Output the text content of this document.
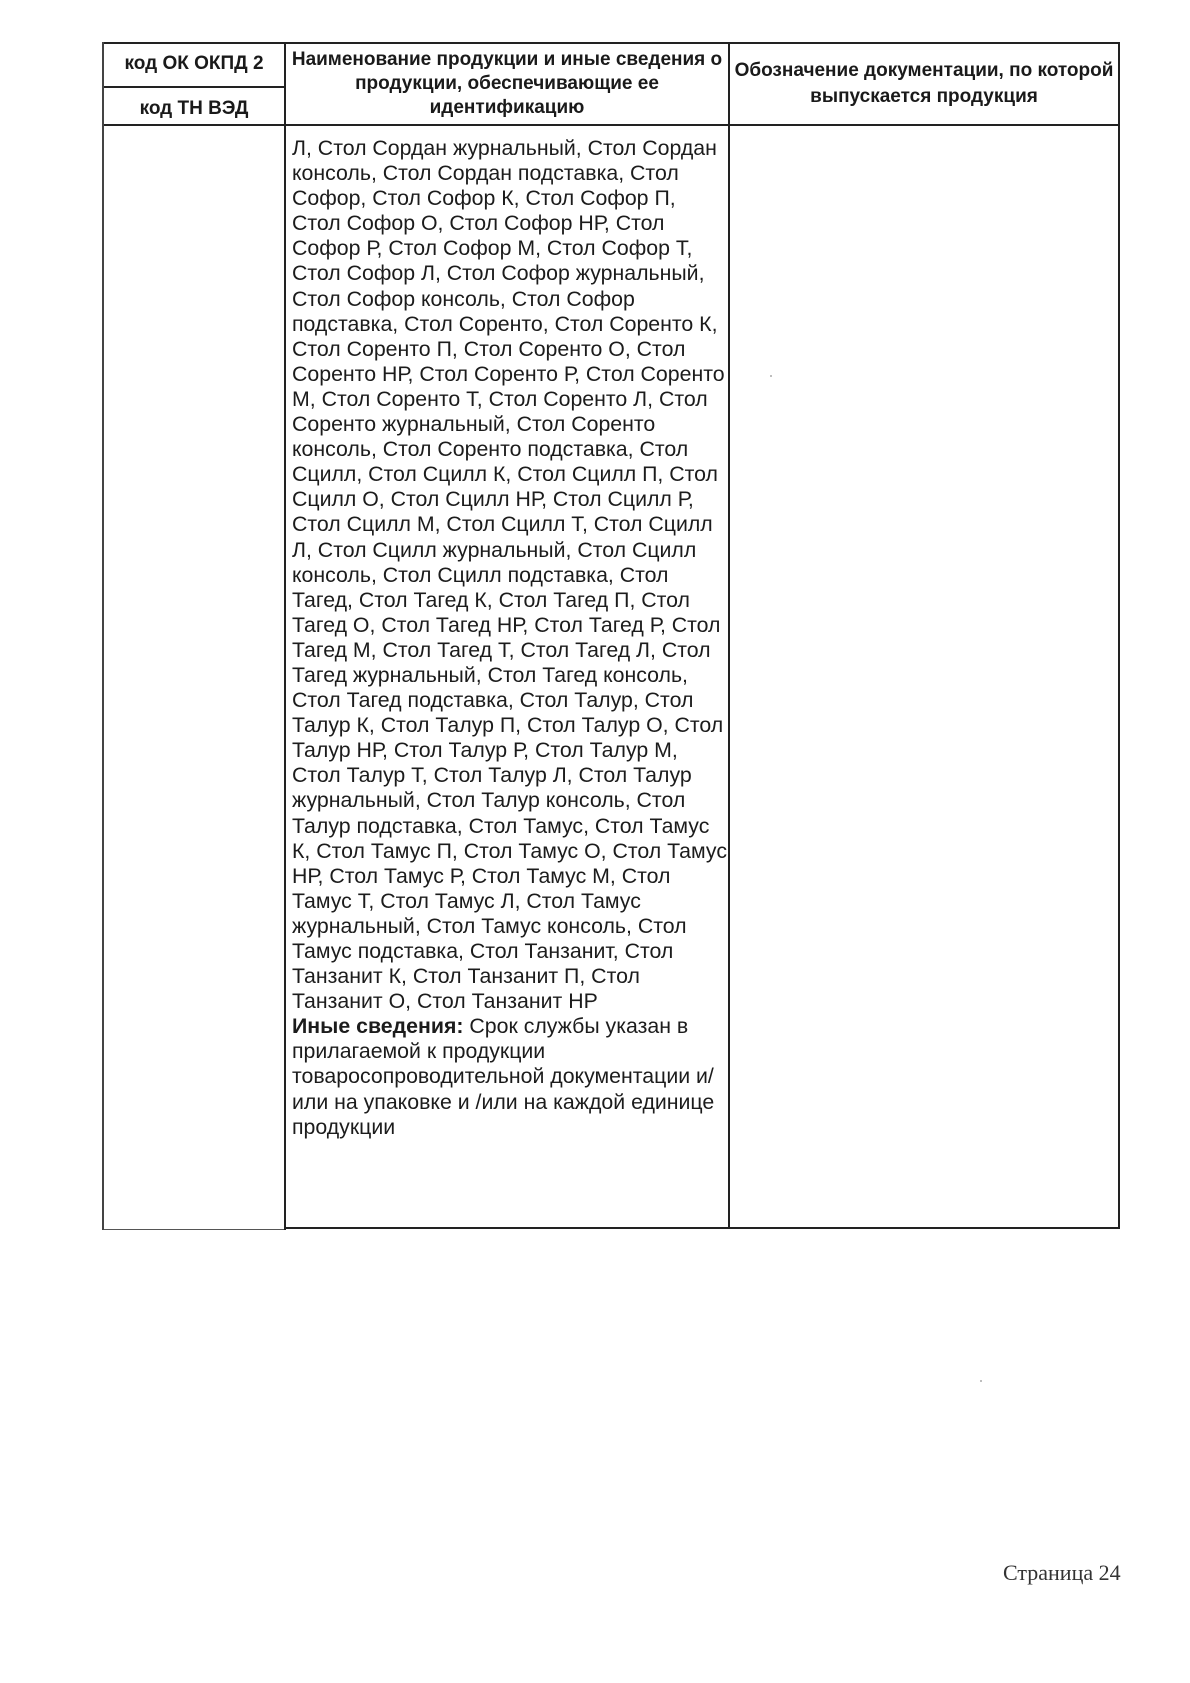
код ОК ОКПД 2
код ТН ВЭД
Наименование продукции и иные сведения о продукции, обеспечивающие ее идентификацию
Обозначение документации, по которой выпускается продукция

Л, Стол Сордан журнальный, Стол Сордан консоль, Стол Сордан подставка, Стол Софор, Стол Софор К, Стол Софор П, Стол Софор О, Стол Софор НР, Стол Софор Р, Стол Софор М, Стол Софор Т, Стол Софор Л, Стол Софор журнальный, Стол Софор консоль, Стол Софор подставка, Стол Соренто, Стол Соренто К, Стол Соренто П, Стол Соренто О, Стол Соренто НР, Стол Соренто Р, Стол Соренто М, Стол Соренто Т, Стол Соренто Л, Стол Соренто журнальный, Стол Соренто консоль, Стол Соренто подставка, Стол Сцилл, Стол Сцилл К, Стол Сцилл П, Стол Сцилл О, Стол Сцилл НР, Стол Сцилл Р, Стол Сцилл М, Стол Сцилл Т, Стол Сцилл Л, Стол Сцилл журнальный, Стол Сцилл консоль, Стол Сцилл подставка, Стол Тагед, Стол Тагед К, Стол Тагед П, Стол Тагед О, Стол Тагед НР, Стол Тагед Р, Стол Тагед М, Стол Тагед Т, Стол Тагед Л, Стол Тагед журнальный, Стол Тагед консоль, Стол Тагед подставка, Стол Талур, Стол Талур К, Стол Талур П, Стол Талур О, Стол Талур НР, Стол Талур Р, Стол Талур М, Стол Талур Т, Стол Талур Л, Стол Талур журнальный, Стол Талур консоль, Стол Талур подставка, Стол Тамус, Стол Тамус К, Стол Тамус П, Стол Тамус О, Стол Тамус НР, Стол Тамус Р, Стол Тамус М, Стол Тамус Т, Стол Тамус Л, Стол Тамус журнальный, Стол Тамус консоль, Стол Тамус подставка, Стол Танзанит, Стол Танзанит К, Стол Танзанит П, Стол Танзанит О, Стол Танзанит НР

Иные сведения: Срок службы указан в прилагаемой к продукции товаросопроводительной документации и/или на упаковке и /или на каждой единице продукции

Страница 24
